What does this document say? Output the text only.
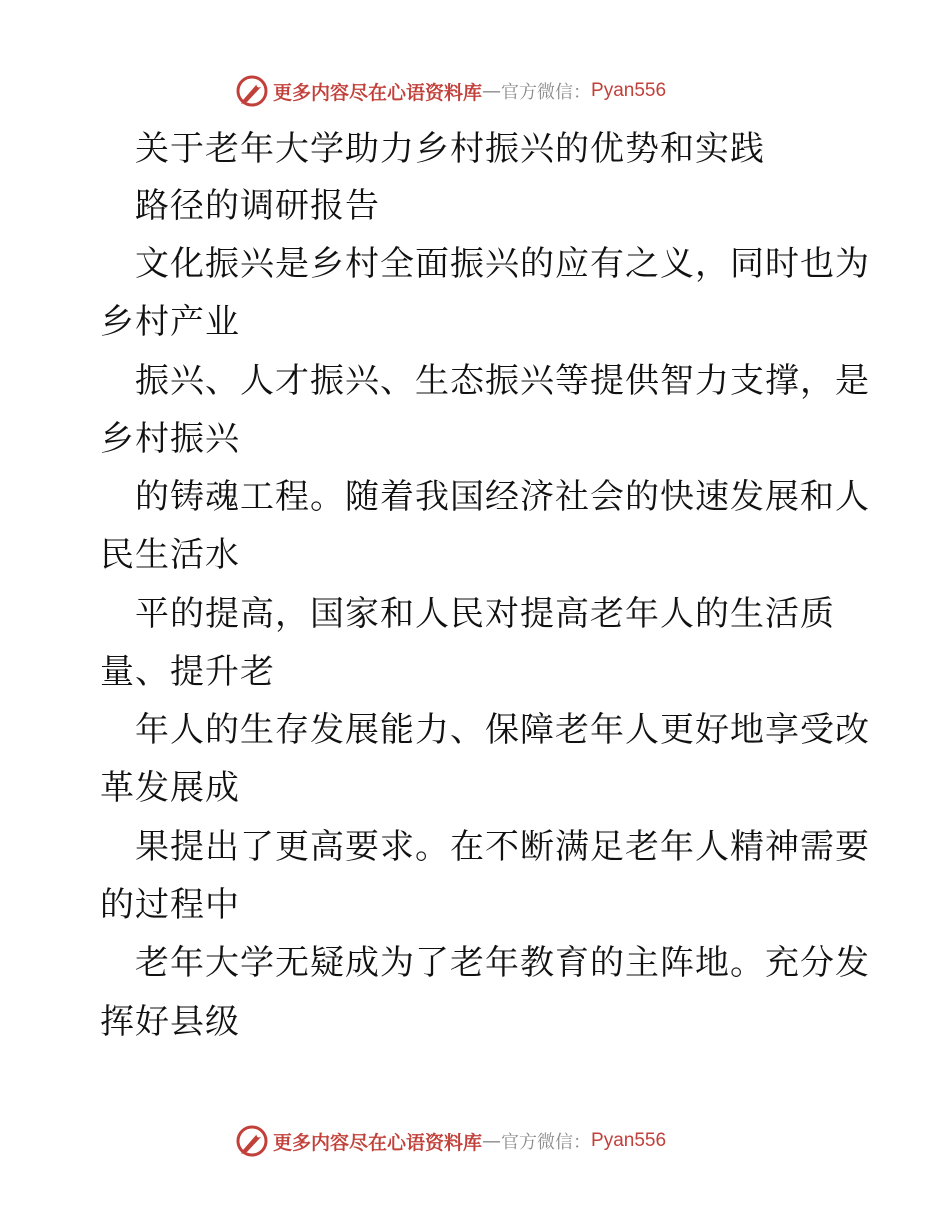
更多内容尽在心语资料库 — 官方微信： Pyan556
关于老年大学助力乡村振兴的优势和实践
路径的调研报告
文化振兴是乡村全面振兴的应有之义，同时也为
乡村产业
振兴、人才振兴、生态振兴等提供智力支撑，是
乡村振兴
的铸魂工程。随着我国经济社会的快速发展和人
民生活水
平的提高，国家和人民对提高老年人的生活质
量、提升老
年人的生存发展能力、保障老年人更好地享受改
革发展成
果提出了更高要求。在不断满足老年人精神需要
的过程中
老年大学无疑成为了老年教育的主阵地。充分发
挥好县级
更多内容尽在心语资料库 — 官方微信： Pyan556
